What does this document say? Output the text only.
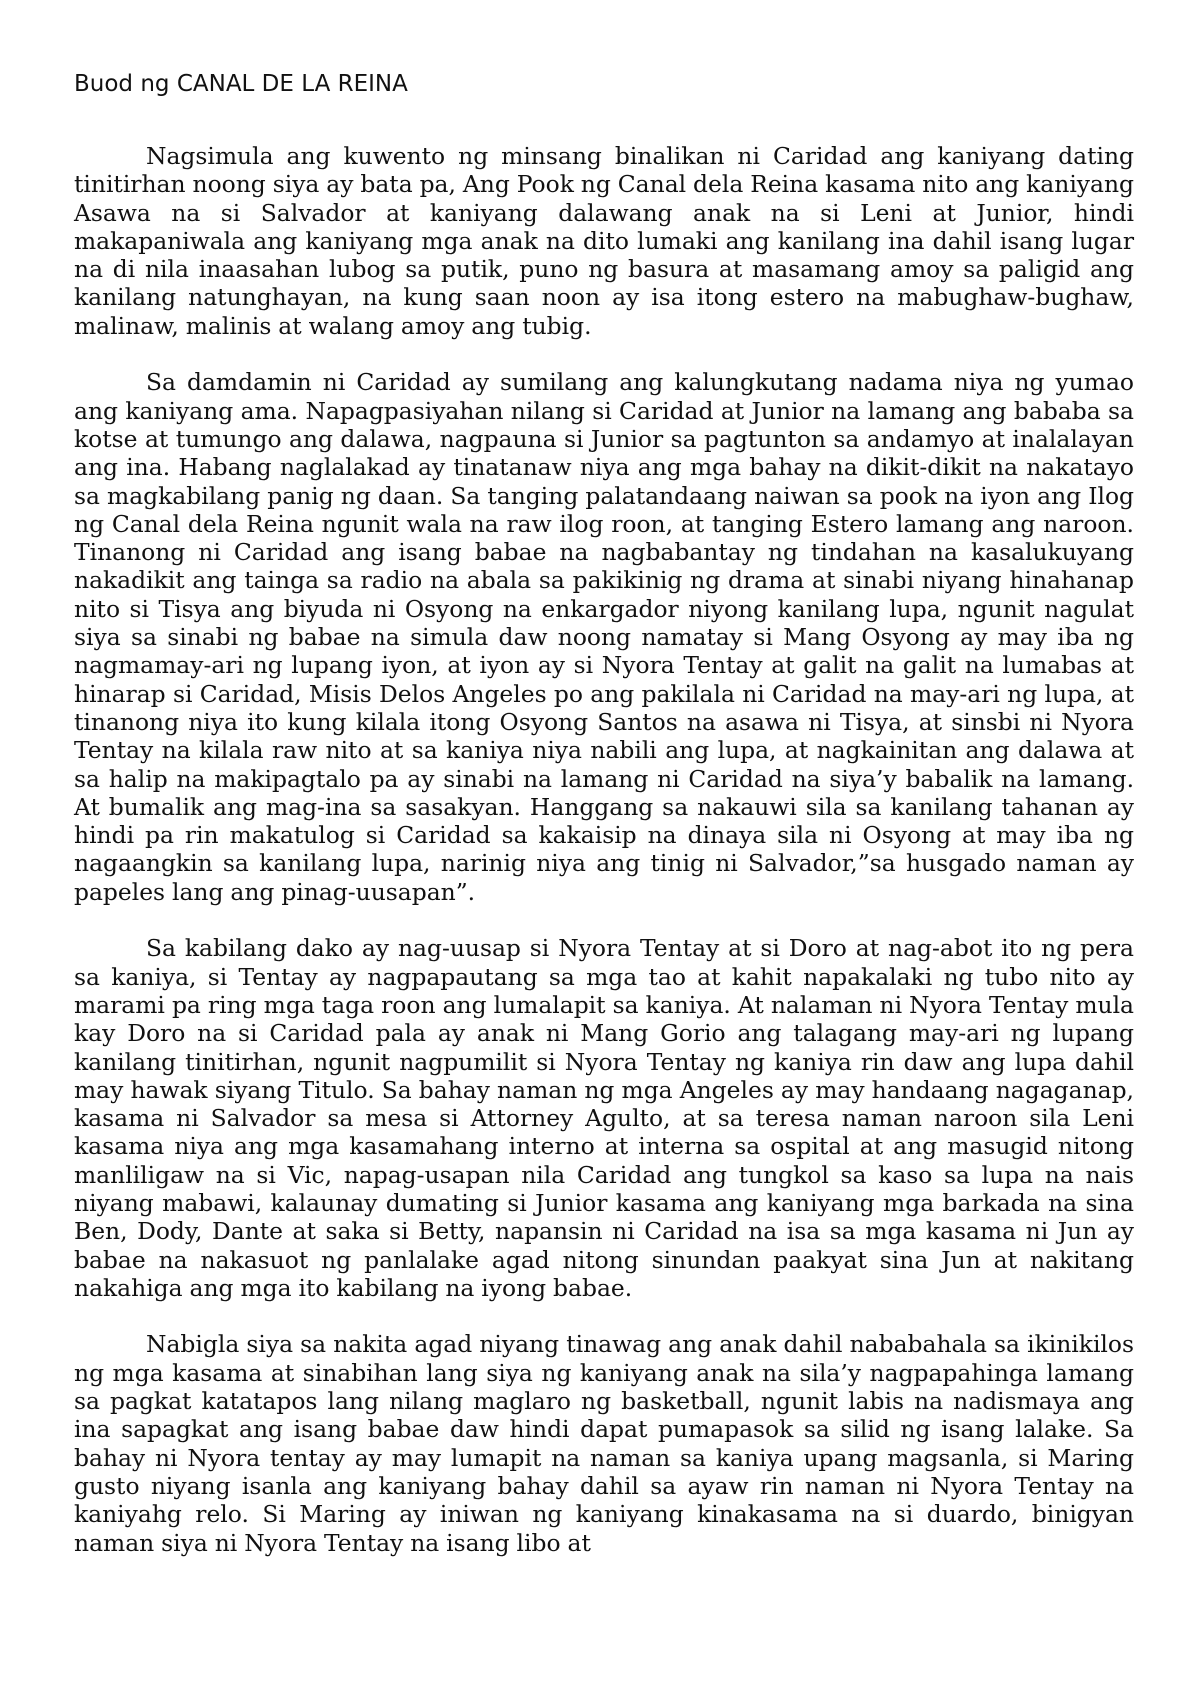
Buod ng CANAL DE LA REINA

Nagsimula ang kuwento ng minsang binalikan ni Caridad ang kaniyang dating tinitirhan noong siya ay bata pa, Ang Pook ng Canal dela Reina kasama nito ang kaniyang Asawa na si Salvador at kaniyang dalawang anak na si Leni at Junior, hindi makapaniwala ang kaniyang mga anak na dito lumaki ang kanilang ina dahil isang lugar na di nila inaasahan lubog sa putik, puno ng basura at masamang amoy sa paligid ang kanilang natunghayan, na kung saan noon ay isa itong estero na mabughaw-bughaw, malinaw, malinis at walang amoy ang tubig.

Sa damdamin ni Caridad ay sumilang ang kalungkutang nadama niya ng yumao ang kaniyang ama. Napagpasiyahan nilang si Caridad at Junior na lamang ang bababa sa kotse at tumungo ang dalawa, nagpauna si Junior sa pagtunton sa andamyo at inalalayan ang ina. Habang naglalakad ay tinatanaw niya ang mga bahay na dikit-dikit na nakatayo sa magkabilang panig ng daan. Sa tanging palatandaang naiwan sa pook na iyon ang Ilog ng Canal dela Reina ngunit wala na raw ilog roon, at tanging Estero lamang ang naroon. Tinanong ni Caridad ang isang babae na nagbabantay ng tindahan na kasalukuyang nakadikit ang tainga sa radio na abala sa pakikinig ng drama at sinabi niyang hinahanap nito si Tisya ang biyuda ni Osyong na enkargador niyong kanilang lupa, ngunit nagulat siya sa sinabi ng babae na simula daw noong namatay si Mang Osyong ay may iba ng nagmamay-ari ng lupang iyon, at iyon ay si Nyora Tentay at galit na galit na lumabas at hinarap si Caridad, Misis Delos Angeles po ang pakilala ni Caridad na may-ari ng lupa, at tinanong niya ito kung kilala itong Osyong Santos na asawa ni Tisya, at sinsbi ni Nyora Tentay na kilala raw nito at sa kaniya niya nabili ang lupa, at nagkainitan ang dalawa at sa halip na makipagtalo pa ay sinabi na lamang ni Caridad na siya’y babalik na lamang. At bumalik ang mag-ina sa sasakyan. Hanggang sa nakauwi sila sa kanilang tahanan ay hindi pa rin makatulog si Caridad sa kakaisip na dinaya sila ni Osyong at may iba ng nagaangkin sa kanilang lupa, narinig niya ang tinig ni Salvador,”sa husgado naman ay papeles lang ang pinag-uusapan”.

Sa kabilang dako ay nag-uusap si Nyora Tentay at si Doro at nag-abot ito ng pera sa kaniya, si Tentay ay nagpapautang sa mga tao at kahit napakalaki ng tubo nito ay marami pa ring mga taga roon ang lumalapit sa kaniya. At nalaman ni Nyora Tentay mula kay Doro na si Caridad pala ay anak ni Mang Gorio ang talagang may-ari ng lupang kanilang tinitirhan, ngunit nagpumilit si Nyora Tentay ng kaniya rin daw ang lupa dahil may hawak siyang Titulo. Sa bahay naman ng mga Angeles ay may handaang nagaganap, kasama ni Salvador sa mesa si Attorney Agulto, at sa teresa naman naroon sila Leni kasama niya ang mga kasamahang interno at interna sa ospital at ang masugid nitong manliligaw na si Vic, napag-usapan nila Caridad ang tungkol sa kaso sa lupa na nais niyang mabawi, kalaunay dumating si Junior kasama ang kaniyang mga barkada na sina Ben, Dody, Dante at saka si Betty, napansin ni Caridad na isa sa mga kasama ni Jun ay babae na nakasuot ng panlalake agad nitong sinundan paakyat sina Jun at nakitang nakahiga ang mga ito kabilang na iyong babae.

Nabigla siya sa nakita agad niyang tinawag ang anak dahil nababahala sa ikinikilos ng mga kasama at sinabihan lang siya ng kaniyang anak na sila’y nagpapahinga lamang sa pagkat katatapos lang nilang maglaro ng basketball, ngunit labis na nadismaya ang ina sapagkat ang isang babae daw hindi dapat pumapasok sa silid ng isang lalake. Sa bahay ni Nyora tentay ay may lumapit na naman sa kaniya upang magsanla, si Maring gusto niyang isanla ang kaniyang bahay dahil sa ayaw rin naman ni Nyora Tentay na kaniyahg relo. Si Maring ay iniwan ng kaniyang kinakasama na si duardo, binigyan naman siya ni Nyora Tentay na isang libo at
